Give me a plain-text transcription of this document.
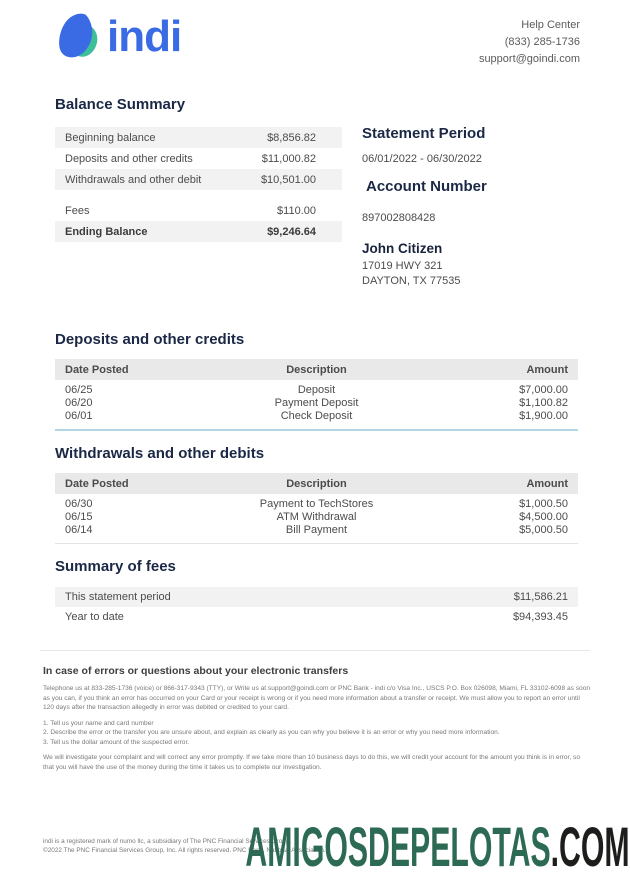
indi	Help Center
(833) 285-1736
support@goindi.com
Balance Summary
Beginning balance	$8,856.82
Deposits and other credits	$11,000.82
Withdrawals and other debit	$10,501.00
Fees	$110.00
Ending Balance	$9,246.64
Statement Period
06/01/2022 - 06/30/2022
Account Number
897002808428
John Citizen
17019 HWY 321
DAYTON, TX 77535
Deposits and other credits
Date Posted	Description	Amount
06/25	Deposit	$7,000.00
06/20	Payment Deposit	$1,100.82
06/01	Check Deposit	$1,900.00
Withdrawals and other debits
Date Posted	Description	Amount
06/30	Payment to TechStores	$1,000.50
06/15	ATM Withdrawal	$4,500.00
06/14	Bill Payment	$5,000.50
Summary of fees
This statement period	$11,586.21
Year to date	$94,393.45
In case of errors or questions about your electronic transfers
Telephone us at 833-285-1736 (voice) or 866-317-9343 (TTY), or Write us at support@goindi.com or PNC Bank - indi c/o Visa Inc., USCS P.O. Box 026098, Miami, FL 33102-6098 as soon as you can, if you think an error has occurred on your Card or your receipt is wrong or if you need more information about a transfer or receipt. We must allow you to report an error until 120 days after the transaction allegedly in error was debited or credited to your card.
1. Tell us your name and card number
2. Describe the error or the transfer you are unsure about, and explain as clearly as you can why you believe it is an error or why you need more information.
3. Tell us the dollar amount of the suspected error.
We will investigate your complaint and will correct any error promptly. If we take more than 10 business days to do this, we will credit your account for the amount you think is in error, so that you will have the use of the money during the time it takes us to complete our investigation.
indi is a registered mark of numo llc, a subsidiary of The PNC Financial Services Group,
©2022 The PNC Financial Services Group, Inc. All rights reserved. PNC Bank, National Association.
AMIGOSDEPELOTAS.COM
